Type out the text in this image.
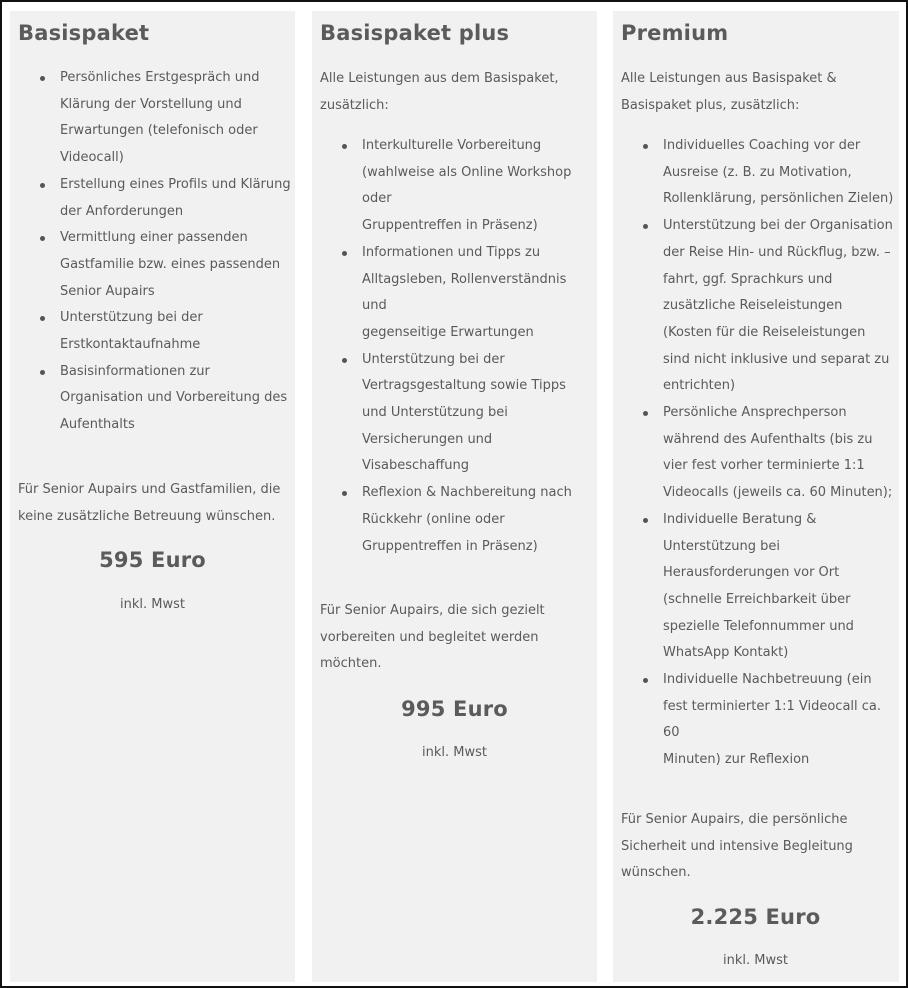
Basispaket
Persönliches Erstgespräch und
Klärung der Vorstellung und
Erwartungen (telefonisch oder
Videocall)
Erstellung eines Profils und Klärung
der Anforderungen
Vermittlung einer passenden
Gastfamilie bzw. eines passenden
Senior Aupairs
Unterstützung bei der
Erstkontaktaufnahme
Basisinformationen zur
Organisation und Vorbereitung des
Aufenthalts

Für Senior Aupairs und Gastfamilien, die keine zusätzliche Betreuung wünschen.

595 Euro

inkl. Mwst

Basispaket plus

Alle Leistungen aus dem Basispaket, zusätzlich:

Interkulturelle Vorbereitung
(wahlweise als Online Workshop
oder
Gruppentreffen in Präsenz)
Informationen und Tipps zu
Alltagsleben, Rollenverständnis
und
gegenseitige Erwartungen
Unterstützung bei der
Vertragsgestaltung sowie Tipps
und Unterstützung bei
Versicherungen und
Visabeschaffung
Reflexion & Nachbereitung nach
Rückkehr (online oder
Gruppentreffen in Präsenz)

Für Senior Aupairs, die sich gezielt vorbereiten und begleitet werden möchten.

995 Euro

inkl. Mwst

Premium

Alle Leistungen aus Basispaket & Basispaket plus, zusätzlich:

Individuelles Coaching vor der
Ausreise (z. B. zu Motivation,
Rollenklärung, persönlichen Zielen)
Unterstützung bei der Organisation
der Reise Hin- und Rückflug, bzw. –
fahrt, ggf. Sprachkurs und
zusätzliche Reiseleistungen
(Kosten für die Reiseleistungen
sind nicht inklusive und separat zu
entrichten)
Persönliche Ansprechperson
während des Aufenthalts (bis zu
vier fest vorher terminierte 1:1
Videocalls (jeweils ca. 60 Minuten);
Individuelle Beratung &
Unterstützung bei
Herausforderungen vor Ort
(schnelle Erreichbarkeit über
spezielle Telefonnummer und
WhatsApp Kontakt)
Individuelle Nachbetreuung (ein
fest terminierter 1:1 Videocall ca.
60
Minuten) zur Reflexion

Für Senior Aupairs, die persönliche Sicherheit und intensive Begleitung wünschen.

2.225 Euro

inkl. Mwst
